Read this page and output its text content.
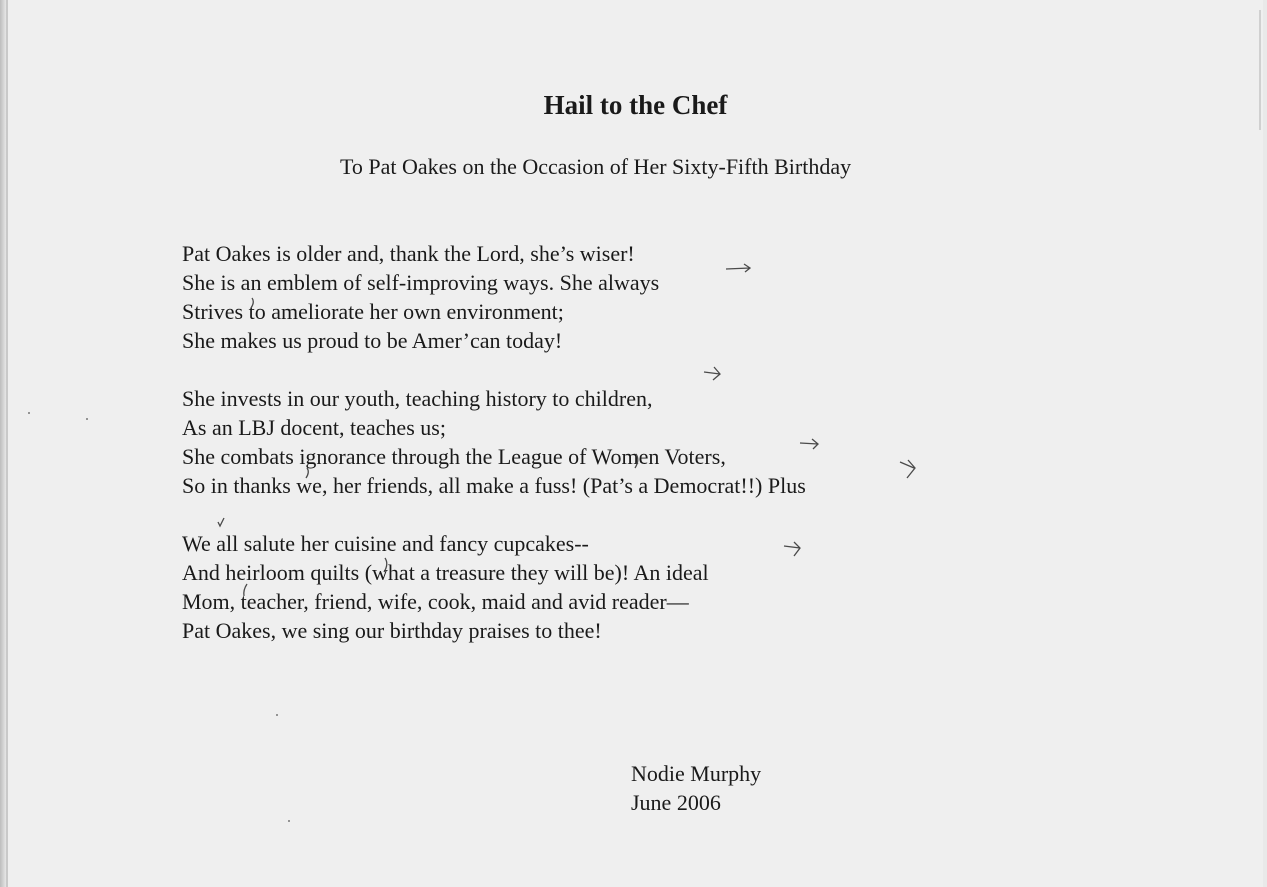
Hail to the Chef

To Pat Oakes on the Occasion of Her Sixty-Fifth Birthday

Pat Oakes is older and, thank the Lord, she’s wiser!
She is an emblem of self-improving ways. She always
Strives to ameliorate her own environment;
She makes us proud to be Amer’can today!
She invests in our youth, teaching history to children,
As an LBJ docent, teaches us;
She combats ignorance through the League of Women Voters,
So in thanks we, her friends, all make a fuss! (Pat’s a Democrat!!) Plus
We all salute her cuisine and fancy cupcakes--
And heirloom quilts (what a treasure they will be)! An ideal
Mom, teacher, friend, wife, cook, maid and avid reader—
Pat Oakes, we sing our birthday praises to thee!
Nodie Murphy
June 2006
